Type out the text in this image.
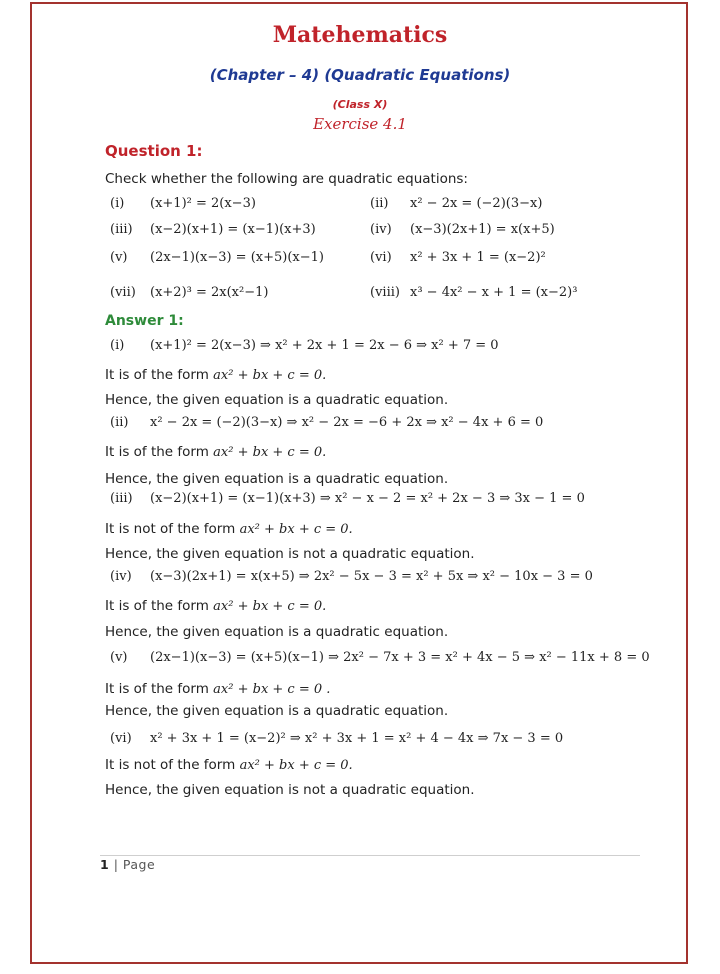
Matehematics
(Chapter – 4) (Quadratic Equations)
(Class X)
Exercise 4.1
Question 1:
Check whether the following are quadratic equations:
(i) (x+1)² = 2(x−3)	(ii) x² − 2x = (−2)(3−x)
(iii) (x−2)(x+1) = (x−1)(x+3)	(iv) (x−3)(2x+1) = x(x+5)
(v) (2x−1)(x−3) = (x+5)(x−1)	(vi) x² + 3x + 1 = (x−2)²
(vii) (x+2)³ = 2x(x²−1)	(viii) x³ − 4x² − x + 1 = (x−2)³
Answer 1:
(i) (x+1)² = 2(x−3) ⇒ x² + 2x + 1 = 2x − 6 ⇒ x² + 7 = 0
It is of the form ax² + bx + c = 0.
Hence, the given equation is a quadratic equation.
(ii) x² − 2x = (−2)(3−x) ⇒ x² − 2x = −6 + 2x ⇒ x² − 4x + 6 = 0
It is of the form ax² + bx + c = 0.
Hence, the given equation is a quadratic equation.
(iii) (x−2)(x+1) = (x−1)(x+3) ⇒ x² − x − 2 = x² + 2x − 3 ⇒ 3x − 1 = 0
It is not of the form ax² + bx + c = 0.
Hence, the given equation is not a quadratic equation.
(iv) (x−3)(2x+1) = x(x+5) ⇒ 2x² − 5x − 3 = x² + 5x ⇒ x² − 10x − 3 = 0
It is of the form ax² + bx + c = 0.
Hence, the given equation is a quadratic equation.
(v) (2x−1)(x−3) = (x+5)(x−1) ⇒ 2x² − 7x + 3 = x² + 4x − 5 ⇒ x² − 11x + 8 = 0
It is of the form ax² + bx + c = 0 .
Hence, the given equation is a quadratic equation.
(vi) x² + 3x + 1 = (x−2)² ⇒ x² + 3x + 1 = x² + 4 − 4x ⇒ 7x − 3 = 0
It is not of the form ax² + bx + c = 0.
Hence, the given equation is not a quadratic equation.
1 | Page
